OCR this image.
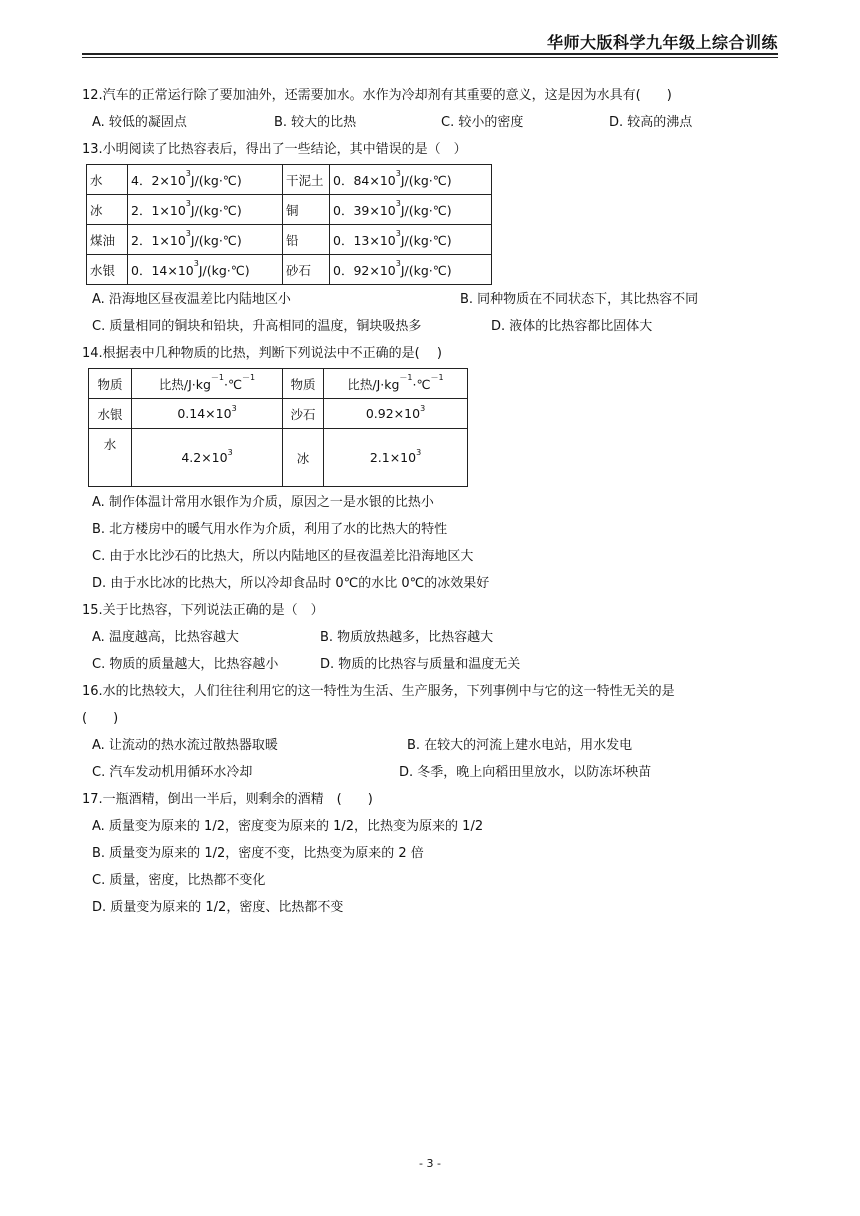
华师大版科学九年级上综合训练
12.汽车的正常运行除了要加油外，还需要加水。水作为冷却剂有其重要的意义，这是因为水具有(　　)
A. 较低的凝固点	B. 较大的比热	C. 较小的密度	D. 较高的沸点
13.小明阅读了比热容表后，得出了一些结论，其中错误的是（　）
水	4．$2\times 10^3J/(kg\cdot℃)$	干泥土	0．$84\times 10^3J/(kg\cdot℃)$
冰	2．$1\times 10^3J/(kg\cdot℃)$	铜	0．$39\times 10^3J/(kg\cdot℃)$
煤油	2．$1\times 10^3J/(kg\cdot℃)$	铅	0．$13\times 10^3J/(kg\cdot℃)$
水银	0．$14\times 10^3J/(kg\cdot℃)$	砂石	0．$92\times 10^3J/(kg\cdot℃)$
A. 沿海地区昼夜温差比内陆地区小	B. 同种物质在不同状态下，其比热容不同
C. 质量相同的铜块和铅块，升高相同的温度，铜块吸热多	D. 液体的比热容都比固体大
14.根据表中几种物质的比热，判断下列说法中不正确的是(　 )
物质	比热$/J\cdot kg^{-1}\cdot℃^{-1}$	物质	比热$/J\cdot kg^{-1}\cdot℃^{-1}$
水银	$0.14\times 10^3$	沙石	$0.92\times 10^3$
水	$4.2\times 10^3$	冰	$2.1\times 10^3$
A. 制作体温计常用水银作为介质，原因之一是水银的比热小
B. 北方楼房中的暖气用水作为介质，利用了水的比热大的特性
C. 由于水比沙石的比热大，所以内陆地区的昼夜温差比沿海地区大
D. 由于水比冰的比热大，所以冷却食品时 0℃的水比 0℃的冰效果好
15.关于比热容，下列说法正确的是（　）
A. 温度越高，比热容越大	B. 物质放热越多，比热容越大
C. 物质的质量越大，比热容越小	D. 物质的比热容与质量和温度无关
16.水的比热较大，人们往往利用它的这一特性为生活、生产服务，下列事例中与它的这一特性无关的是
(　　)
A. 让流动的热水流过散热器取暖	B. 在较大的河流上建水电站，用水发电
C. 汽车发动机用循环水冷却	D. 冬季，晚上向稻田里放水，以防冻坏秧苗
17.一瓶酒精，倒出一半后，则剩余的酒精　(　　)
A. 质量变为原来的 1/2，密度变为原来的 1/2，比热变为原来的 1/2
B. 质量变为原来的 1/2，密度不变，比热变为原来的 2 倍
C. 质量，密度，比热都不变化
D. 质量变为原来的 1/2，密度、比热都不变
- 3 -
